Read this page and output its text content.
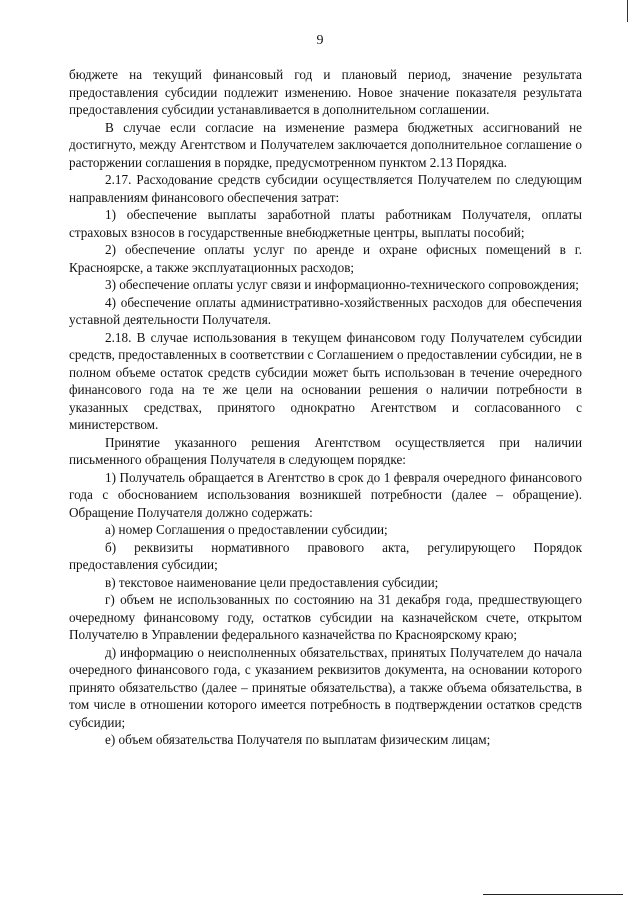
9

бюджете на текущий финансовый год и плановый период, значение результата предоставления субсидии подлежит изменению. Новое значение показателя результата предоставления субсидии устанавливается в дополнительном соглашении.

В случае если согласие на изменение размера бюджетных ассигнований не достигнуто, между Агентством и Получателем заключается дополнительное соглашение о расторжении соглашения в порядке, предусмотренном пунктом 2.13 Порядка.

2.17. Расходование средств субсидии осуществляется Получателем по следующим направлениям финансового обеспечения затрат:

1) обеспечение выплаты заработной платы работникам Получателя, оплаты страховых взносов в государственные внебюджетные центры, выплаты пособий;

2) обеспечение оплаты услуг по аренде и охране офисных помещений в г. Красноярске, а также эксплуатационных расходов;

3) обеспечение оплаты услуг связи и информационно-технического сопровождения;

4) обеспечение оплаты административно-хозяйственных расходов для обеспечения уставной деятельности Получателя.

2.18. В случае использования в текущем финансовом году Получателем субсидии средств, предоставленных в соответствии с Соглашением о предоставлении субсидии, не в полном объеме остаток средств субсидии может быть использован в течение очередного финансового года на те же цели на основании решения о наличии потребности в указанных средствах, принятого однократно Агентством и согласованного с министерством.

Принятие указанного решения Агентством осуществляется при наличии письменного обращения Получателя в следующем порядке:

1) Получатель обращается в Агентство в срок до 1 февраля очередного финансового года с обоснованием использования возникшей потребности (далее – обращение). Обращение Получателя должно содержать:

а) номер Соглашения о предоставлении субсидии;

б) реквизиты нормативного правового акта, регулирующего Порядок предоставления субсидии;

в) текстовое наименование цели предоставления субсидии;

г) объем не использованных по состоянию на 31 декабря года, предшествующего очередному финансовому году, остатков субсидии на казначейском счете, открытом Получателю в Управлении федерального казначейства по Красноярскому краю;

д) информацию о неисполненных обязательствах, принятых Получателем до начала очередного финансового года, с указанием реквизитов документа, на основании которого принято обязательство (далее – принятые обязательства), а также объема обязательства, в том числе в отношении которого имеется потребность в подтверждении остатков средств субсидии;

е) объем обязательства Получателя по выплатам физическим лицам;
